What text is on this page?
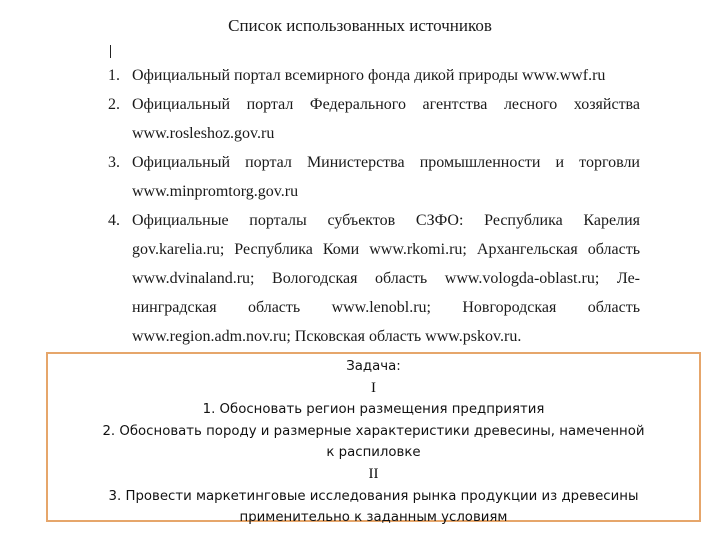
Список использованных источников
1. Официальный портал всемирного фонда дикой природы www.wwf.ru
2. Официальный портал Федерального агентства лесного хозяйства
www.rosleshoz.gov.ru
3. Официальный портал Министерства промышленности и торговли
www.minpromtorg.gov.ru
4. Официальные порталы субъектов СЗФО: Республика Карелия
gov.karelia.ru; Республика Коми www.rkomi.ru; Архангельская область
www.dvinaland.ru; Вологодская область www.vologda-oblast.ru; Ле-
нинградская область www.lenobl.ru; Новгородская область
www.region.adm.nov.ru; Псковская область www.pskov.ru.
Задача:
I
1. Обосновать регион размещения предприятия
2. Обосновать породу и размерные характеристики древесины, намеченной
к распиловке
II
3. Провести маркетинговые исследования рынка продукции из древесины
применительно к заданным условиям
